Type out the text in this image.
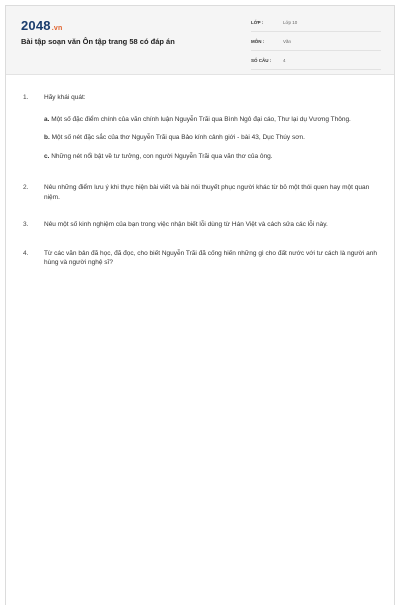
2048.vn
Bài tập soạn văn Ôn tập trang 58 có đáp án
LỚP :	Lớp 10
MÔN :	Văn
SỐ CÂU :	4
1. Hãy khái quát:
a. Một số đặc điểm chính của văn chính luận Nguyễn Trãi qua Bình Ngô đại cáo, Thư lại dụ Vương Thông.
b. Một số nét đặc sắc của thơ Nguyễn Trãi qua Bảo kính cảnh giới - bài 43, Dục Thúy sơn.
c. Những nét nổi bật về tư tưởng, con người Nguyễn Trãi qua văn thơ của ông.
2. Nêu những điểm lưu ý khi thực hiện bài viết và bài nói thuyết phục người khác từ bỏ một thói quen hay một quan niệm.
3. Nêu một số kinh nghiệm của bạn trong việc nhận biết lỗi dùng từ Hán Việt và cách sửa các lỗi này.
4. Từ các văn bản đã học, đã đọc, cho biết Nguyễn Trãi đã cống hiến những gì cho đất nước với tư cách là người anh hùng và người nghệ sĩ?
